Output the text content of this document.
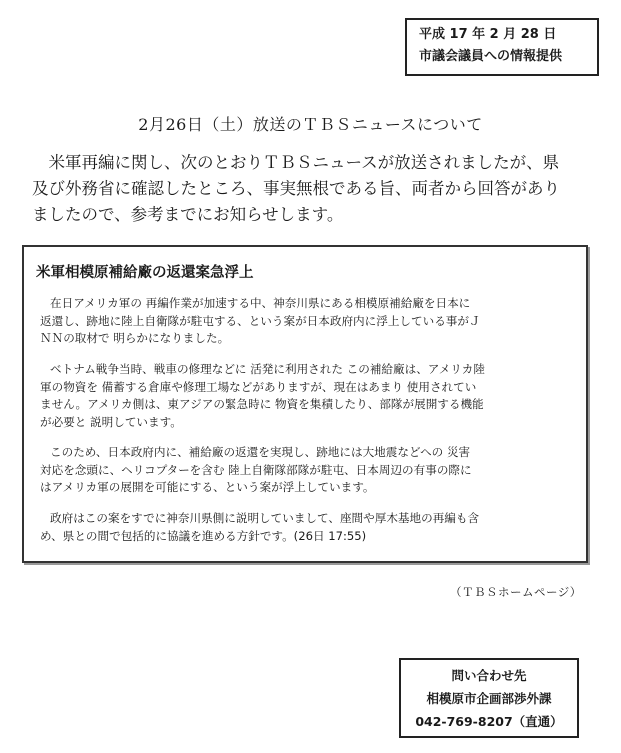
平成 17 年 2 月 28 日
市議会議員への情報提供
2月26日（土）放送のＴＢＳニュースについて
米軍再編に関し、次のとおりＴＢＳニュースが放送されましたが、県
及び外務省に確認したところ、事実無根である旨、両者から回答があり
ましたので、参考までにお知らせします。
米軍相模原補給廠の返還案急浮上
在日アメリカ軍の 再編作業が加速する中、神奈川県にある相模原補給廠を日本に
返還し、跡地に陸上自衛隊が駐屯する、という案が日本政府内に浮上している事がＪ
ＮＮの取材で 明らかになりました。
ベトナム戦争当時、戦車の修理などに 活発に利用された この補給廠は、アメリカ陸
軍の物資を 備蓄する倉庫や修理工場などがありますが、現在はあまり 使用されてい
ません。アメリカ側は、東アジアの緊急時に 物資を集積したり、部隊が展開する機能
が必要と 説明しています。
このため、日本政府内に、補給廠の返還を実現し、跡地には大地震などへの 災害
対応を念頭に、ヘリコプターを含む 陸上自衛隊部隊が駐屯、日本周辺の有事の際に
はアメリカ軍の展開を可能にする、という案が浮上しています。
政府はこの案をすでに神奈川県側に説明していまして、座間や厚木基地の再編も含
め、県との間で包括的に協議を進める方針です。(26日 17:55)
（ＴＢＳホームページ）
問い合わせ先
相模原市企画部渉外課
042-769-8207（直通）
